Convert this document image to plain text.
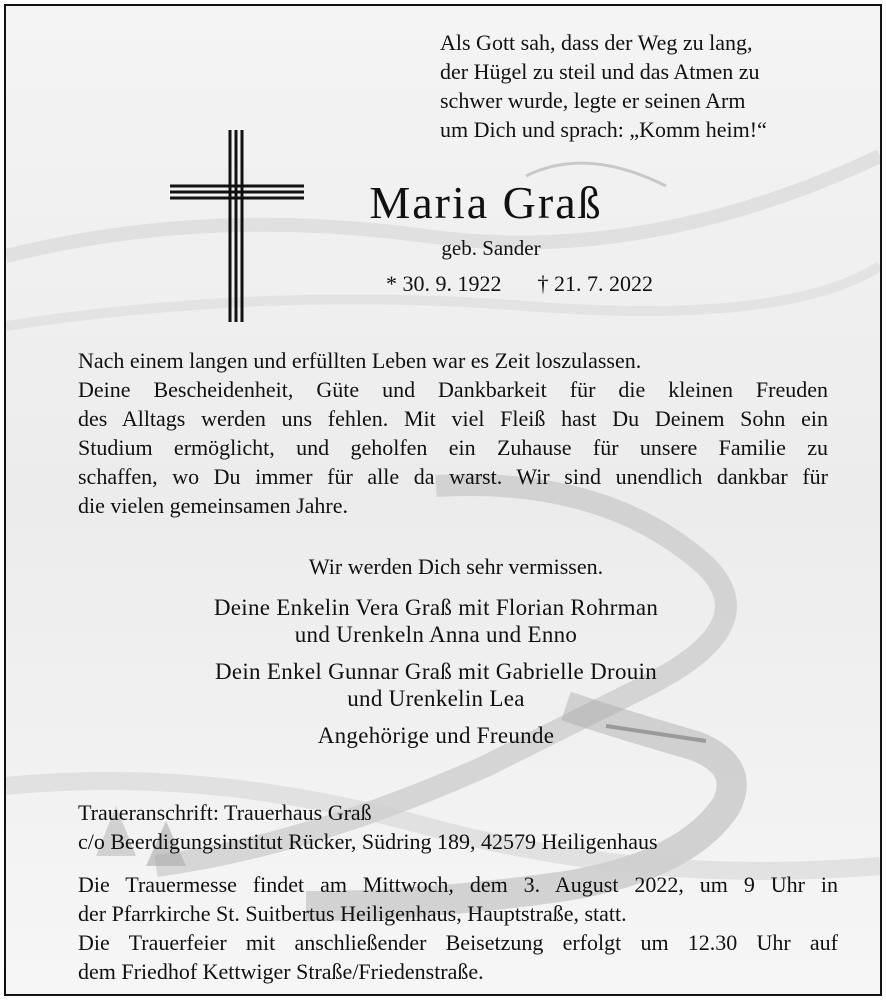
Als Gott sah, dass der Weg zu lang,
der Hügel zu steil und das Atmen zu
schwer wurde, legte er seinen Arm
um Dich und sprach: „Komm heim!“
Maria Graß
geb. Sander
* 30. 9. 1922 † 21. 7. 2022
Nach einem langen und erfüllten Leben war es Zeit loszulassen.
Deine Bescheidenheit, Güte und Dankbarkeit für die kleinen Freuden
des Alltags werden uns fehlen. Mit viel Fleiß hast Du Deinem Sohn ein
Studium ermöglicht, und geholfen ein Zuhause für unsere Familie zu
schaffen, wo Du immer für alle da warst. Wir sind unendlich dankbar für
die vielen gemeinsamen Jahre.
Wir werden Dich sehr vermissen.
Deine Enkelin Vera Graß mit Florian Rohrman
und Urenkeln Anna und Enno
Dein Enkel Gunnar Graß mit Gabrielle Drouin
und Urenkelin Lea
Angehörige und Freunde
Traueranschrift: Trauerhaus Graß
c/o Beerdigungsinstitut Rücker, Südring 189, 42579 Heiligenhaus
Die Trauermesse findet am Mittwoch, dem 3. August 2022, um 9 Uhr in
der Pfarrkirche St. Suitbertus Heiligenhaus, Hauptstraße, statt.
Die Trauerfeier mit anschließender Beisetzung erfolgt um 12.30 Uhr auf
dem Friedhof Kettwiger Straße/Friedenstraße.
